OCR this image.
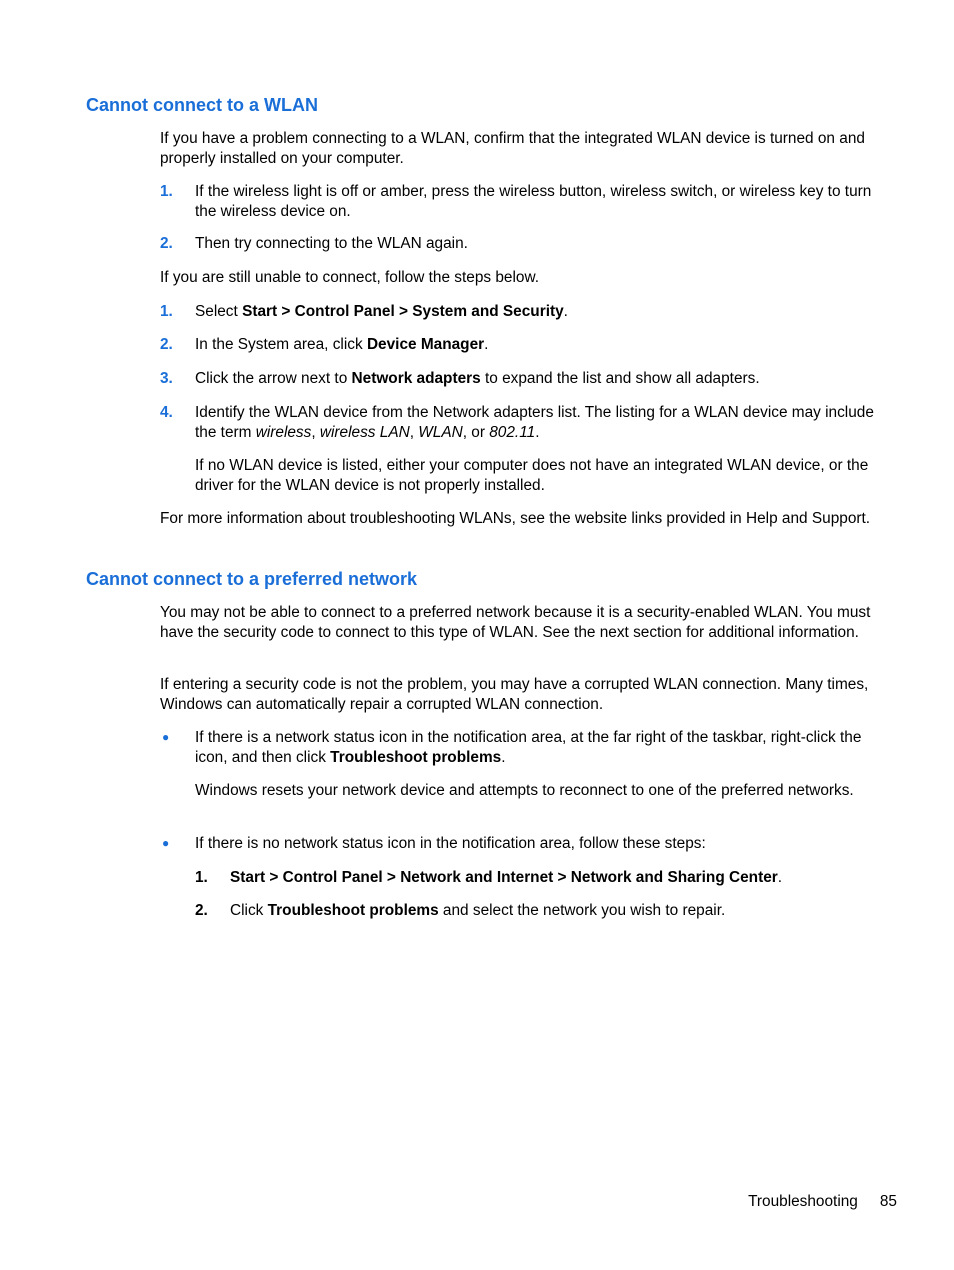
Cannot connect to a WLAN

If you have a problem connecting to a WLAN, confirm that the integrated WLAN device is turned on and properly installed on your computer.

1. If the wireless light is off or amber, press the wireless button, wireless switch, or wireless key to turn the wireless device on.
2. Then try connecting to the WLAN again.

If you are still unable to connect, follow the steps below.

1. Select Start > Control Panel > System and Security.
2. In the System area, click Device Manager.
3. Click the arrow next to Network adapters to expand the list and show all adapters.
4. Identify the WLAN device from the Network adapters list. The listing for a WLAN device may include the term wireless, wireless LAN, WLAN, or 802.11.

If no WLAN device is listed, either your computer does not have an integrated WLAN device, or the driver for the WLAN device is not properly installed.

For more information about troubleshooting WLANs, see the website links provided in Help and Support.

Cannot connect to a preferred network

You may not be able to connect to a preferred network because it is a security-enabled WLAN. You must have the security code to connect to this type of WLAN. See the next section for additional information.

If entering a security code is not the problem, you may have a corrupted WLAN connection. Many times, Windows can automatically repair a corrupted WLAN connection.

● If there is a network status icon in the notification area, at the far right of the taskbar, right-click the icon, and then click Troubleshoot problems.

Windows resets your network device and attempts to reconnect to one of the preferred networks.

● If there is no network status icon in the notification area, follow these steps:
1. Start > Control Panel > Network and Internet > Network and Sharing Center.
2. Click Troubleshoot problems and select the network you wish to repair.
Troubleshooting 85
